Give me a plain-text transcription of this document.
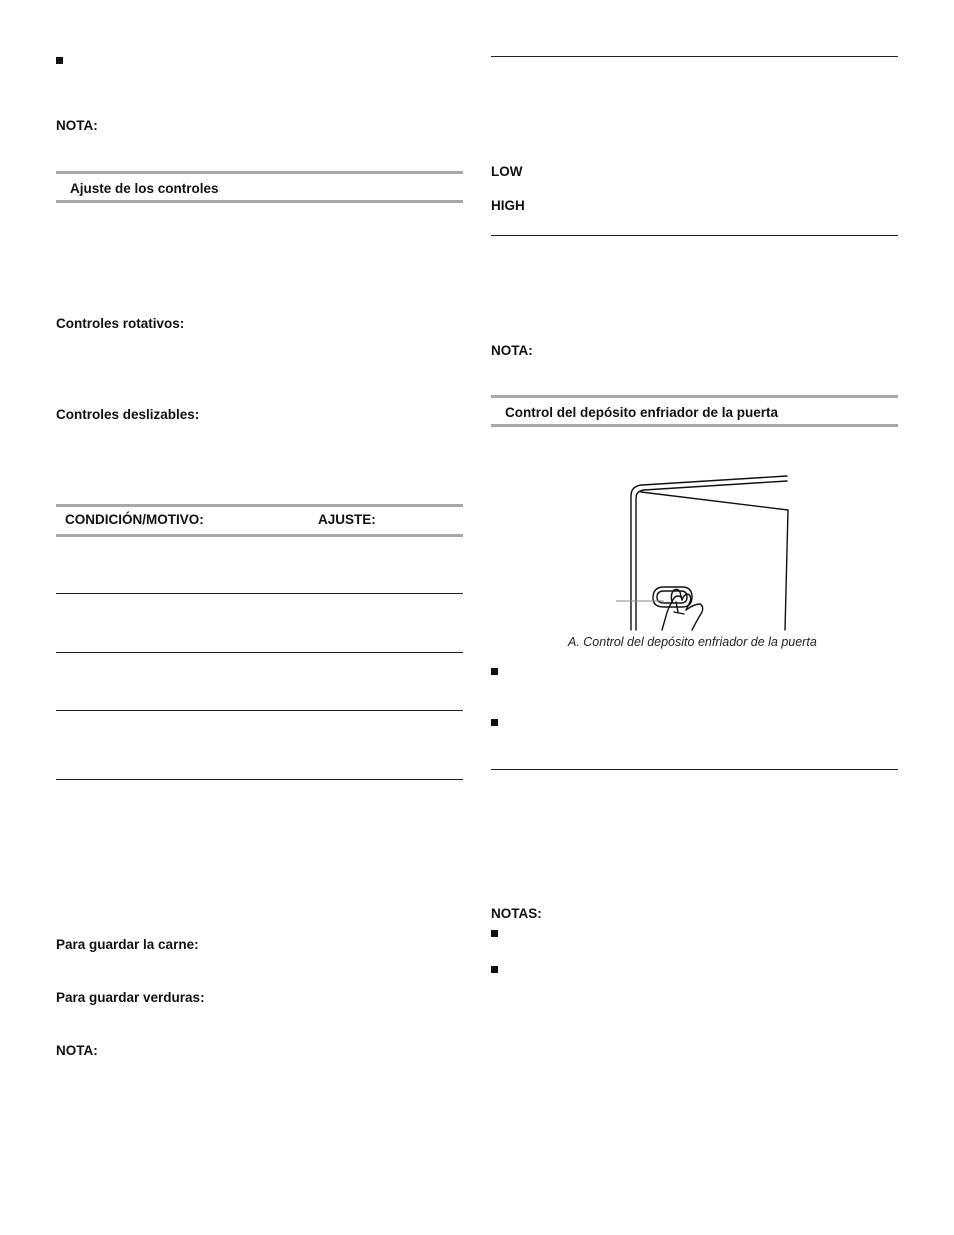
NOTA:
Ajuste de los controles
Controles rotativos:
Controles deslizables:
CONDICIÓN/MOTIVO:	AJUSTE:
Para guardar la carne:
Para guardar verduras:
NOTA:
LOW
HIGH
NOTA:
Control del depósito enfriador de la puerta
A. Control del depósito enfriador de la puerta
NOTAS:
